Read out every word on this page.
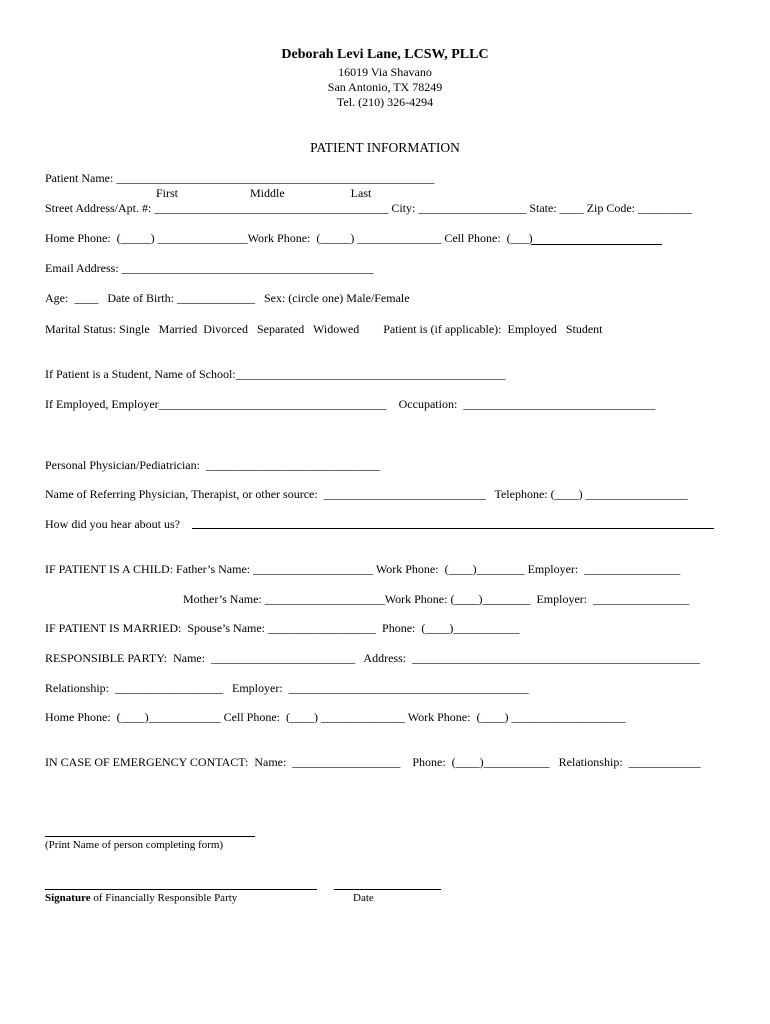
Deborah Levi Lane, LCSW, PLLC
16019 Via Shavano
San Antonio, TX 78249
Tel. (210) 326-4294
PATIENT INFORMATION
Patient Name: _____________________________________________________
First                        Middle                      Last
Street Address/Apt. #: _______________________________________ City: __________________ State: ____ Zip Code: _________
Home Phone:  (_____) _______________Work Phone:  (_____) ______________ Cell Phone:  (___)
Email Address: __________________________________________
Age:  ____   Date of Birth: _____________   Sex: (circle one) Male/Female
Marital Status: Single   Married  Divorced   Separated   Widowed        Patient is (if applicable):  Employed   Student
If Patient is a Student, Name of School:_____________________________________________
If Employed, Employer______________________________________    Occupation:  ________________________________
Personal Physician/Pediatrician:  _____________________________
Name of Referring Physician, Therapist, or other source:  ___________________________   Telephone: (____) _________________
How did you hear about us?
IF PATIENT IS A CHILD: Father’s Name: ____________________ Work Phone:  (____)________ Employer:  ________________
Mother’s Name: ____________________Work Phone: (____)________  Employer:  ________________
IF PATIENT IS MARRIED:  Spouse’s Name: __________________  Phone:  (____)___________
RESPONSIBLE PARTY:  Name:  ________________________   Address:  ________________________________________________
Relationship:  __________________   Employer:  ________________________________________
Home Phone:  (____)____________ Cell Phone:  (____) ______________ Work Phone:  (____) ___________________
IN CASE OF EMERGENCY CONTACT:  Name:  __________________    Phone:  (____)___________   Relationship:  ____________
(Print Name of person completing form)
Signature of Financially Responsible Party	Date
